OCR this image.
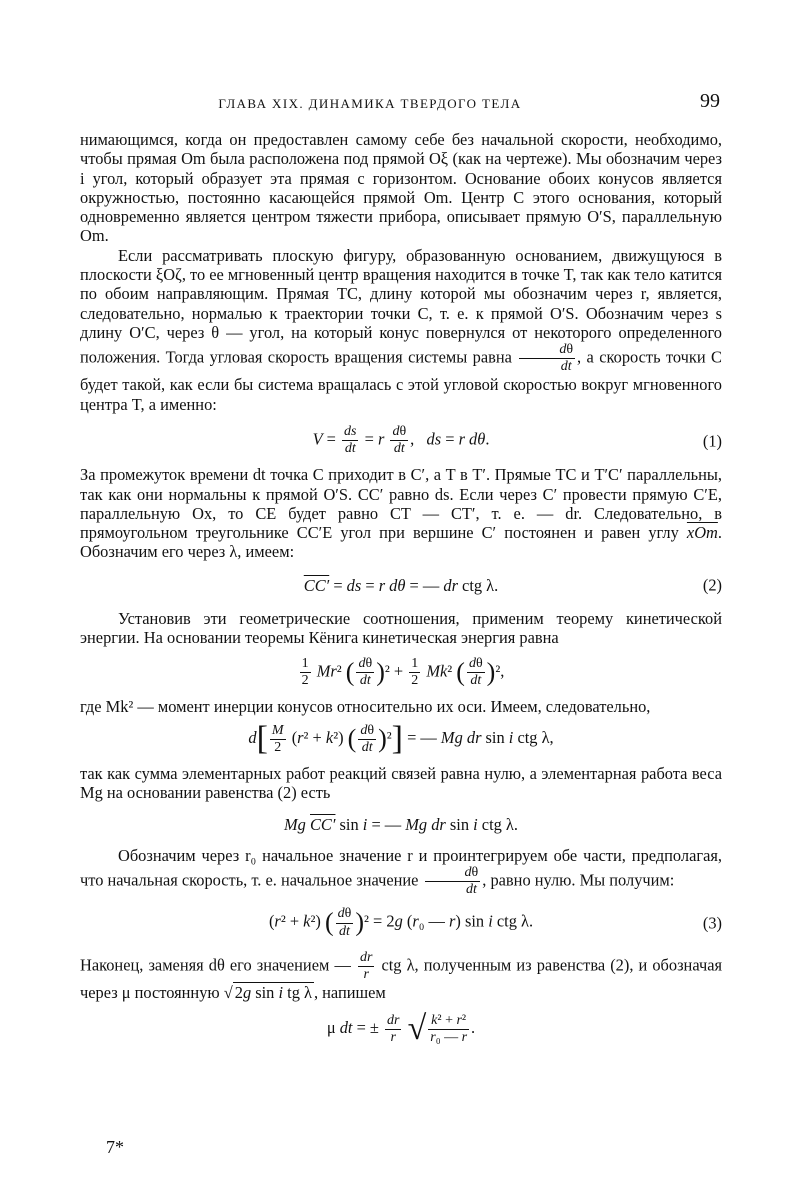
ГЛАВА XIX. ДИНАМИКА ТВЕРДОГО ТЕЛА	99

нимающимся, когда он предоставлен самому себе без начальной скорости, необходимо, чтобы прямая Om была расположена под прямой Oξ (как на чертеже). Мы обозначим через i угол, который образует эта прямая с горизонтом. Основание обоих конусов является окружностью, постоянно касающейся прямой Om. Центр C этого основания, который одновременно является центром тяжести прибора, описывает прямую O′S, параллельную Om.

Если рассматривать плоскую фигуру, образованную основанием, движущуюся в плоскости ξOζ, то ее мгновенный центр вращения находится в точке T, так как тело катится по обоим направляющим. Прямая TC, длину которой мы обозначим через r, является, следовательно, нормалью к траектории точки C, т. е. к прямой O′S. Обозначим через s длину O′C, через θ — угол, на который конус повернулся от некоторого определенного положения. Тогда угловая скорость вращения системы равна $\frac{d\theta}{dt}$ , а скорость точки C будет такой, как если бы система вращалась с этой угловой скоростью вокруг мгновенного центра T, а именно:

$V = \frac{ds}{dt} = r \frac{d\theta}{dt}$ ,   ds = r dθ.	(1)

За промежуток времени dt точка C приходит в C′, а T в T′. Прямые TC и T′C′ параллельны, так как они нормальны к прямой O′S. CC′ равно ds. Если через C′ провести прямую C′E, параллельную Ox, то CE будет равно CT — CT′, т. е. — dr. Следовательно, в прямоугольном треугольнике CC′E угол при вершине C′ постоянен и равен углу $\overline{xOm}$. Обозначим его через λ, имеем:

CC′ = ds = r dθ = — dr ctg λ.	(2)

Установив эти геометрические соотношения, применим теорему кинетической энергии. На основании теоремы Кёнига кинетическая энергия равна

$\frac{1}{2} Mr^2$ ( $\frac{d\theta}{dt} )^2 + \frac{1}{2} Mk^2$ ( $\frac{d\theta}{dt} )^2$,

где Mk² — момент инерции конусов относительно их оси. Имеем, следовательно,

$d[ \frac{M}{2} (r^2 + k^2)$ ( $\frac{d\theta}{dt} )^2$] = — Mg dr sin i ctg λ,

так как сумма элементарных работ реакций связей равна нулю, а элементарная работа веса Mg на основании равенства (2) есть

Mg CC′ sin i = — Mg dr sin i ctg λ.

Обозначим через r₀ начальное значение r и проинтегрируем обе части, предполагая, что начальная скорость, т. е. начальное значение $\frac{d\theta}{dt}$ , равно нулю. Мы получим:

(r² + k²) ( $\frac{d\theta}{dt} )^2 = 2g$ (r₀ — r) sin i ctg λ.	(3)

Наконец, заменяя dθ его значением — $\frac{dr}{r}$ ctg λ, полученным из равенства (2), и обозначая через μ постоянную √ 2g sin i tg λ , напишем

μ dt = ± $\frac{dr}{r}$ √ $\frac{\text{k² + r²}}{\text{r₀ — r}}$ .
7*
